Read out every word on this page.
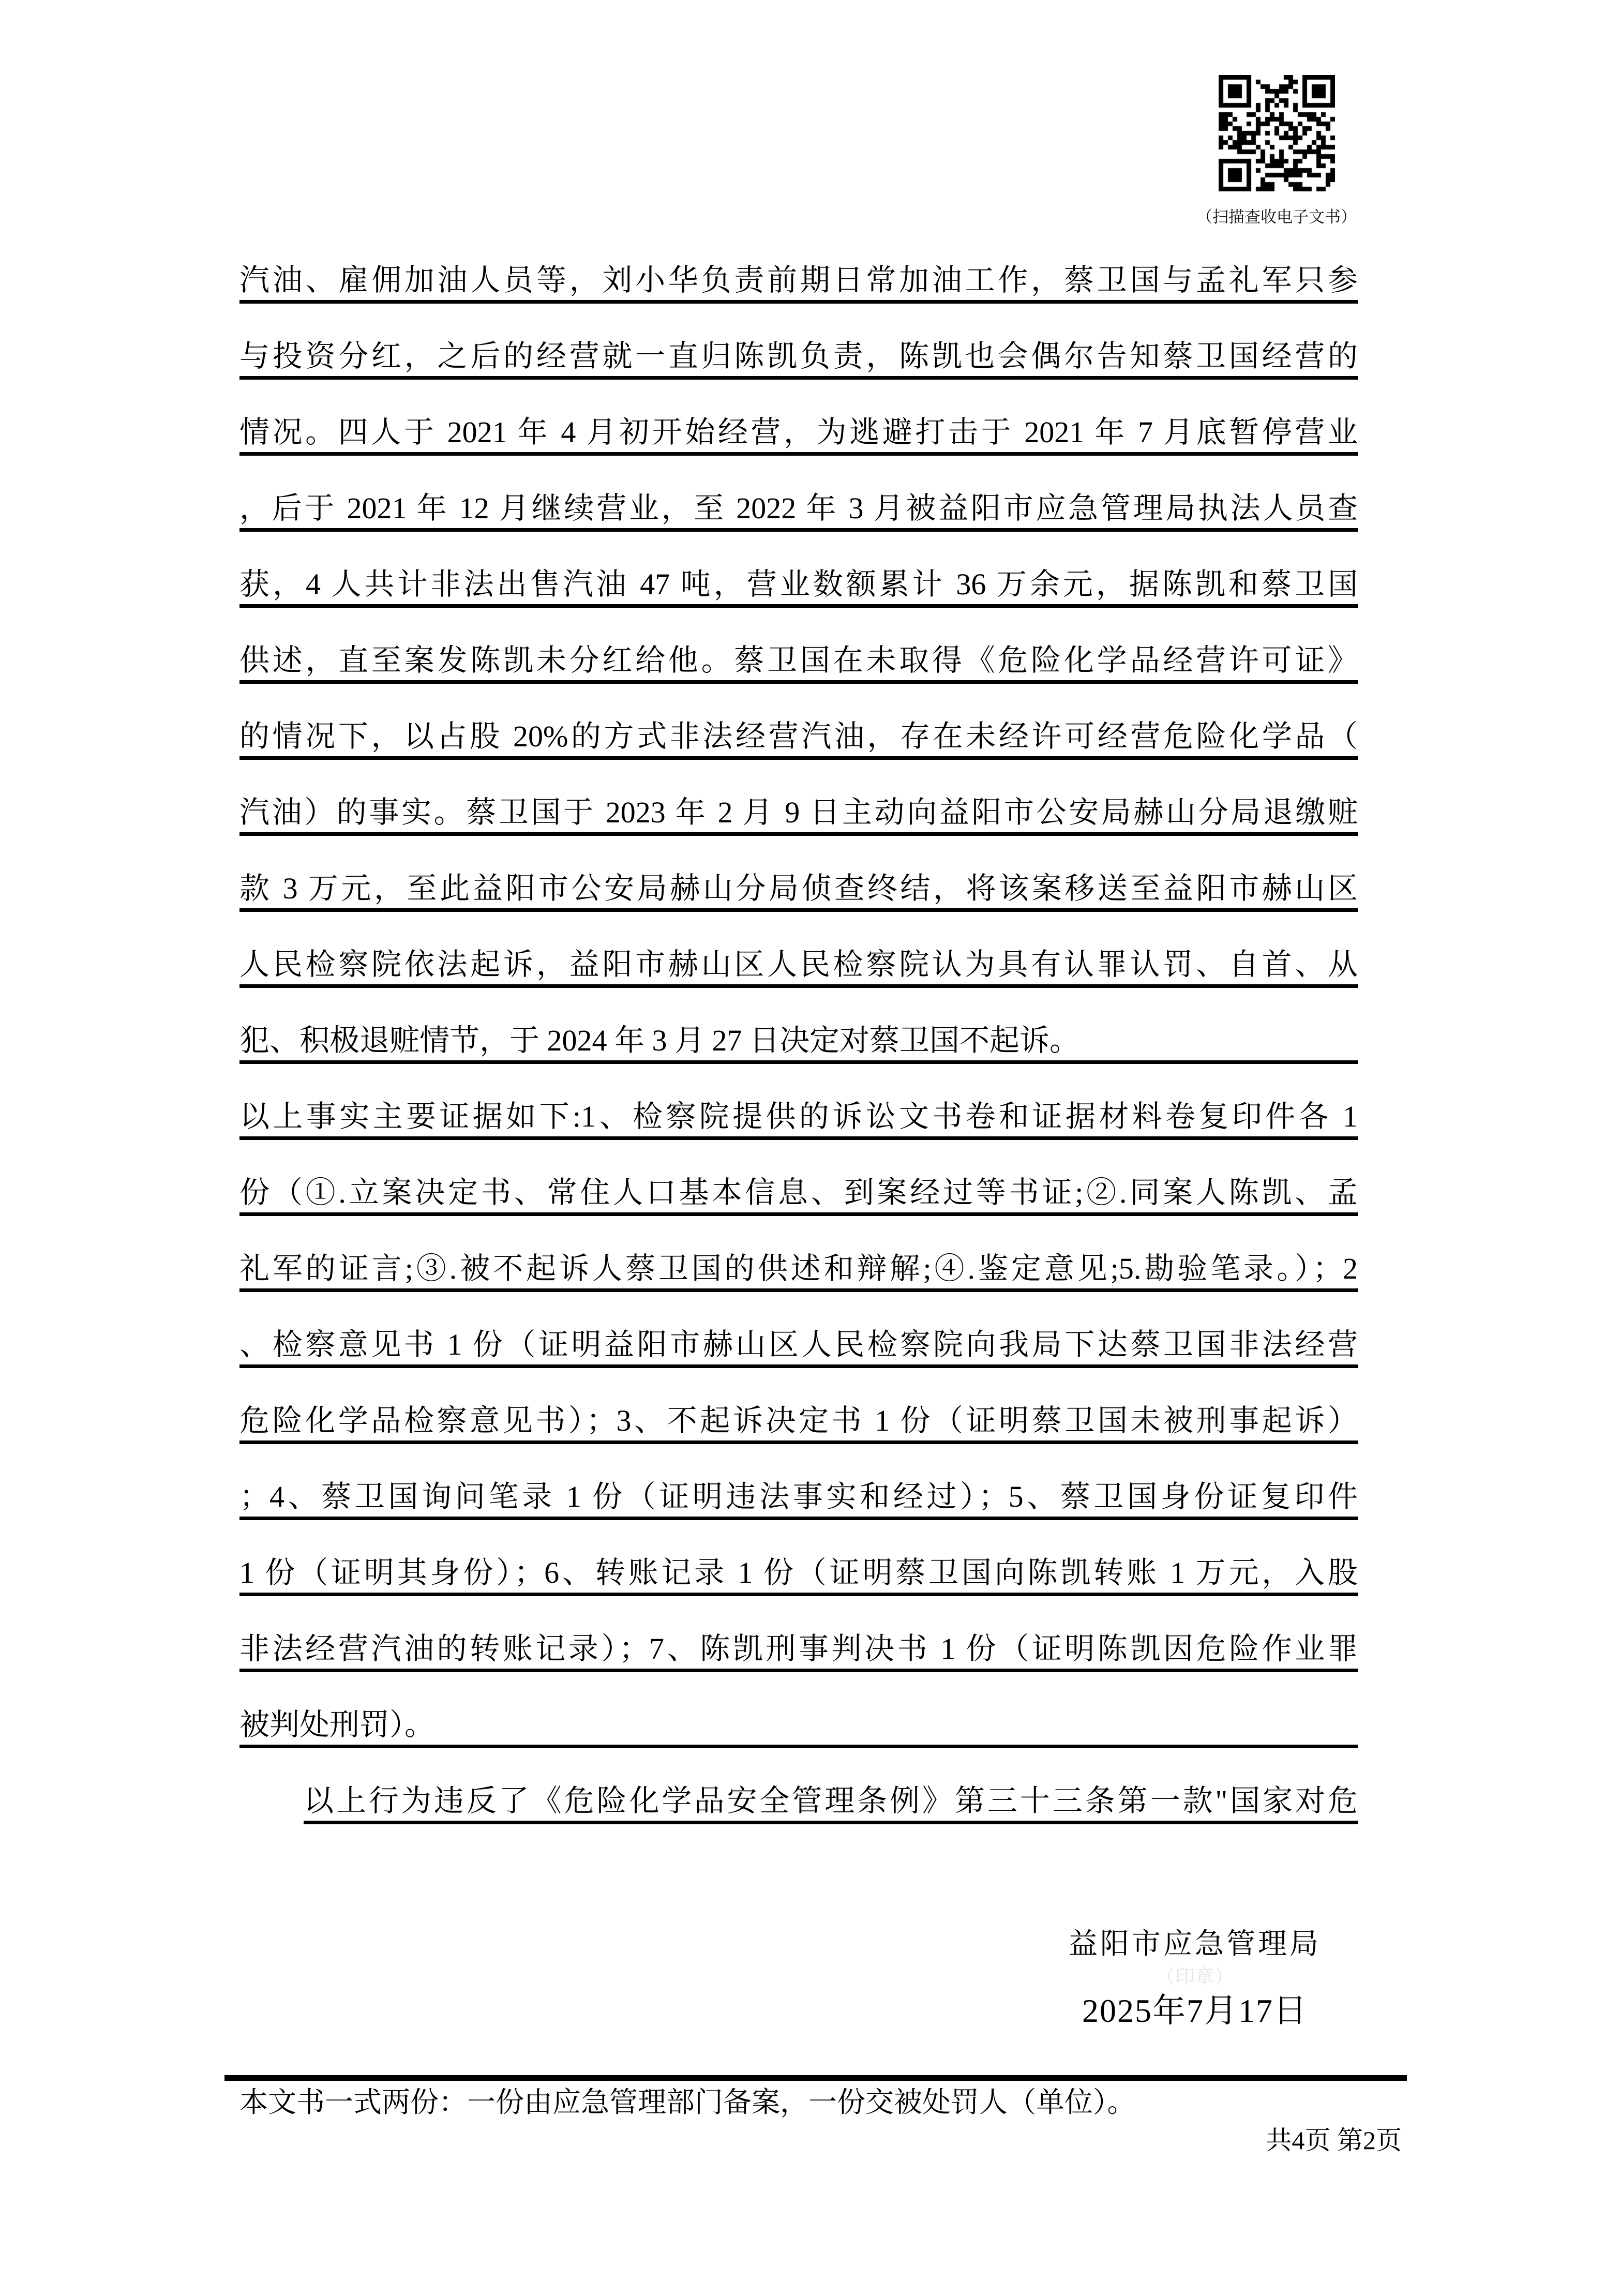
（扫描查收电子文书）
汽油、雇佣加油人员等，刘小华负责前期日常加油工作，蔡卫国与孟礼军只参
与投资分红，之后的经营就一直归陈凯负责，陈凯也会偶尔告知蔡卫国经营的
情况。四人于 2021 年 4 月初开始经营，为逃避打击于 2021 年 7 月底暂停营业
，后于 2021 年 12 月继续营业，至 2022 年 3 月被益阳市应急管理局执法人员查
获，4 人共计非法出售汽油 47 吨，营业数额累计 36 万余元，据陈凯和蔡卫国
供述，直至案发陈凯未分红给他。蔡卫国在未取得《危险化学品经营许可证》
的情况下，以占股 20%的方式非法经营汽油，存在未经许可经营危险化学品（
汽油）的事实。蔡卫国于 2023 年 2 月 9 日主动向益阳市公安局赫山分局退缴赃
款 3 万元，至此益阳市公安局赫山分局侦查终结，将该案移送至益阳市赫山区
人民检察院依法起诉，益阳市赫山区人民检察院认为具有认罪认罚、自首、从
犯、积极退赃情节，于 2024 年 3 月 27 日决定对蔡卫国不起诉。
以上事实主要证据如下:1、检察院提供的诉讼文书卷和证据材料卷复印件各 1
份（①.立案决定书、常住人口基本信息、到案经过等书证;②.同案人陈凯、孟
礼军的证言;③.被不起诉人蔡卫国的供述和辩解;④.鉴定意见;5.勘验笔录。）；2
、检察意见书 1 份（证明益阳市赫山区人民检察院向我局下达蔡卫国非法经营
危险化学品检察意见书）；3、不起诉决定书 1 份（证明蔡卫国未被刑事起诉）
；4、蔡卫国询问笔录 1 份（证明违法事实和经过）；5、蔡卫国身份证复印件
1 份（证明其身份）；6、转账记录 1 份（证明蔡卫国向陈凯转账 1 万元，入股
非法经营汽油的转账记录）；7、陈凯刑事判决书 1 份（证明陈凯因危险作业罪
被判处刑罚）。
以上行为违反了《危险化学品安全管理条例》第三十三条第一款"国家对危
益阳市应急管理局
（印章）
2025年7月17日
本文书一式两份：一份由应急管理部门备案，一份交被处罚人（单位）。
共4页 第2页
